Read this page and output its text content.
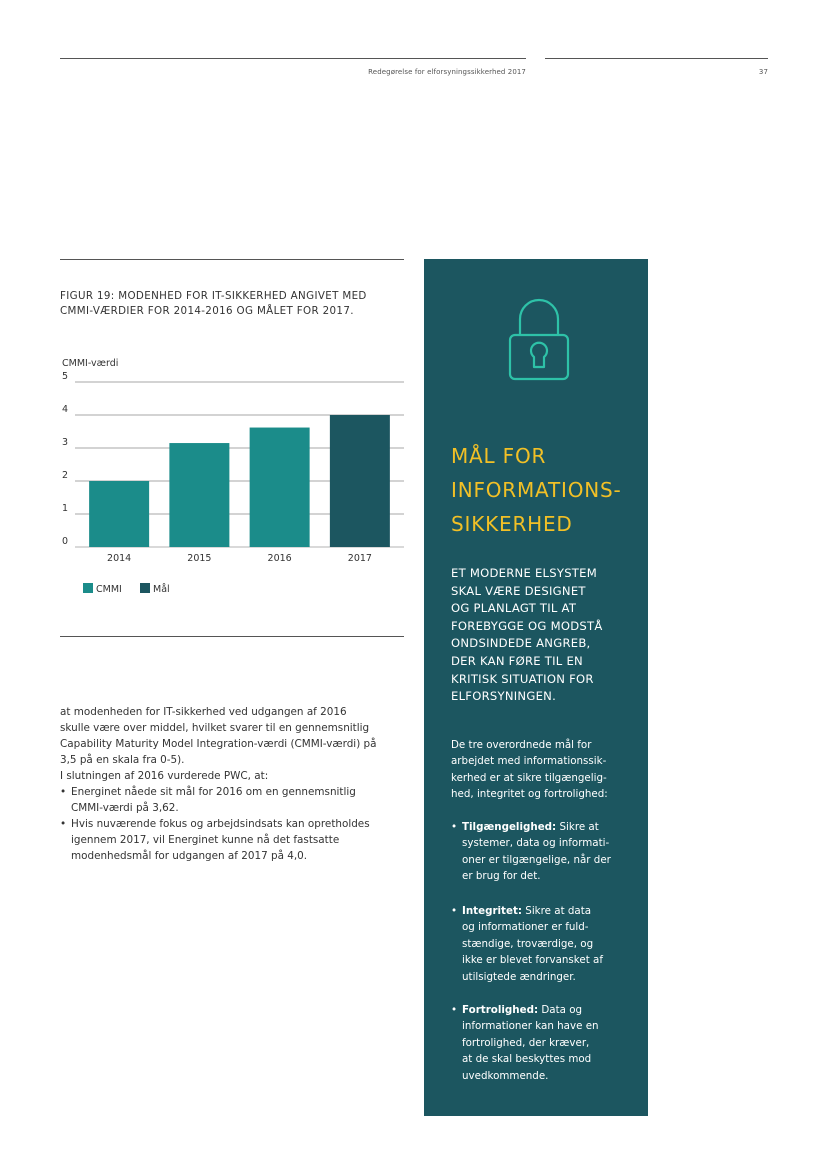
Redegørelse for elforsyningssikkerhed 2017	37
FIGUR 19: MODENHED FOR IT-SIKKERHED ANGIVET MED
CMMI-VÆRDIER FOR 2014-2016 OG MÅLET FOR 2017.
CMMI-værdi
0
1
2
3
4
5
2014	2015	2016	2017
CMMI	Mål

at modenheden for IT-sikkerhed ved udgangen af 2016

skulle være over middel, hvilket svarer til en gennemsnitlig

Capability Maturity Model Integration-værdi (CMMI-værdi) på

3,5 på en skala fra 0-5).

I slutningen af 2016 vurderede PWC, at:

• Energinet nåede sit mål for 2016 om en gennemsnitlig
CMMI-værdi på 3,62.
• Hvis nuværende fokus og arbejdsindsats kan opretholdes
igennem 2017, vil Energinet kunne nå det fastsatte
modenhedsmål for udgangen af 2017 på 4,0.
MÅL FOR
INFORMATIONS-
SIKKERHED

ET MODERNE ELSYSTEM
SKAL VÆRE DESIGNET
OG PLANLAGT TIL AT
FOREBYGGE OG MODSTÅ
ONDSINDEDE ANGREB,
DER KAN FØRE TIL EN
KRITISK SITUATION FOR
ELFORSYNINGEN.

De tre overordnede mål for
arbejdet med informationssik-
kerhed er at sikre tilgængelig-
hed, integritet og fortrolighed:

• Tilgængelighed: Sikre at
systemer, data og informati-
oner er tilgængelige, når der
er brug for det.
• Integritet: Sikre at data
og informationer er fuld-
stændige, troværdige, og
ikke er blevet forvansket af
utilsigtede ændringer.
• Fortrolighed: Data og
informationer kan have en
fortrolighed, der kræver,
at de skal beskyttes mod
uvedkommende.
